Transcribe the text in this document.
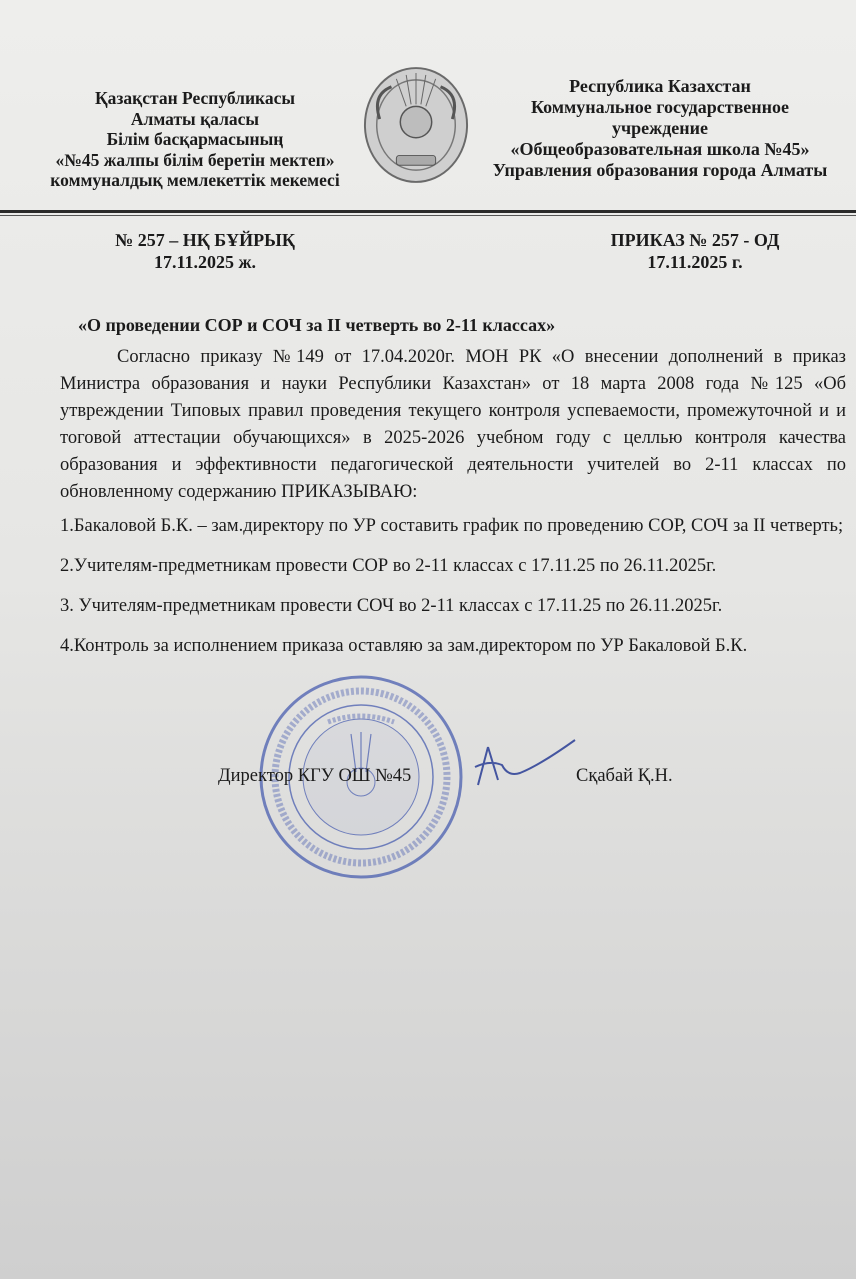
Қазақстан Республикасы
Алматы қаласы
Білім басқармасының
«№45 жалпы білім беретін мектеп»
коммуналдық мемлекеттік мекемесі
Республика Казахстан
Коммунальное государственное
учреждение
«Общеобразовательная школа №45»
Управления образования города Алматы
№ 257 – НҚ БҰЙРЫҚ
17.11.2025 ж.
ПРИКАЗ № 257 - ОД
17.11.2025 г.
«О проведении СОР и СОЧ за II четверть во 2-11 классах»

Согласно приказу №149 от 17.04.2020г. МОН РК «О внесении дополнений в приказ Министра образования и науки Республики Казахстан» от 18 марта 2008 года №125 «Об утвреждении Типовых правил проведения текущего контроля успеваемости, промежуточной и и тоговой аттестации обучающихся» в 2025-2026 учебном году с целлью контроля качества образования и эффективности педагогической деятельности учителей во 2-11 классах по обновленному содержанию ПРИКАЗЫВАЮ:

1.Бакаловой Б.К. – зам.директору по УР составить график по проведению СОР, СОЧ за II четверть;

2.Учителям-предметникам провести СОР во 2-11 классах с 17.11.25 по 26.11.2025г.

3. Учителям-предметникам провести СОЧ во 2-11 классах с 17.11.25 по 26.11.2025г.

4.Контроль за исполнением приказа оставляю за зам.директором по УР Бакаловой Б.К.

Директор КГУ ОШ №45	Сқабай Қ.Н.
